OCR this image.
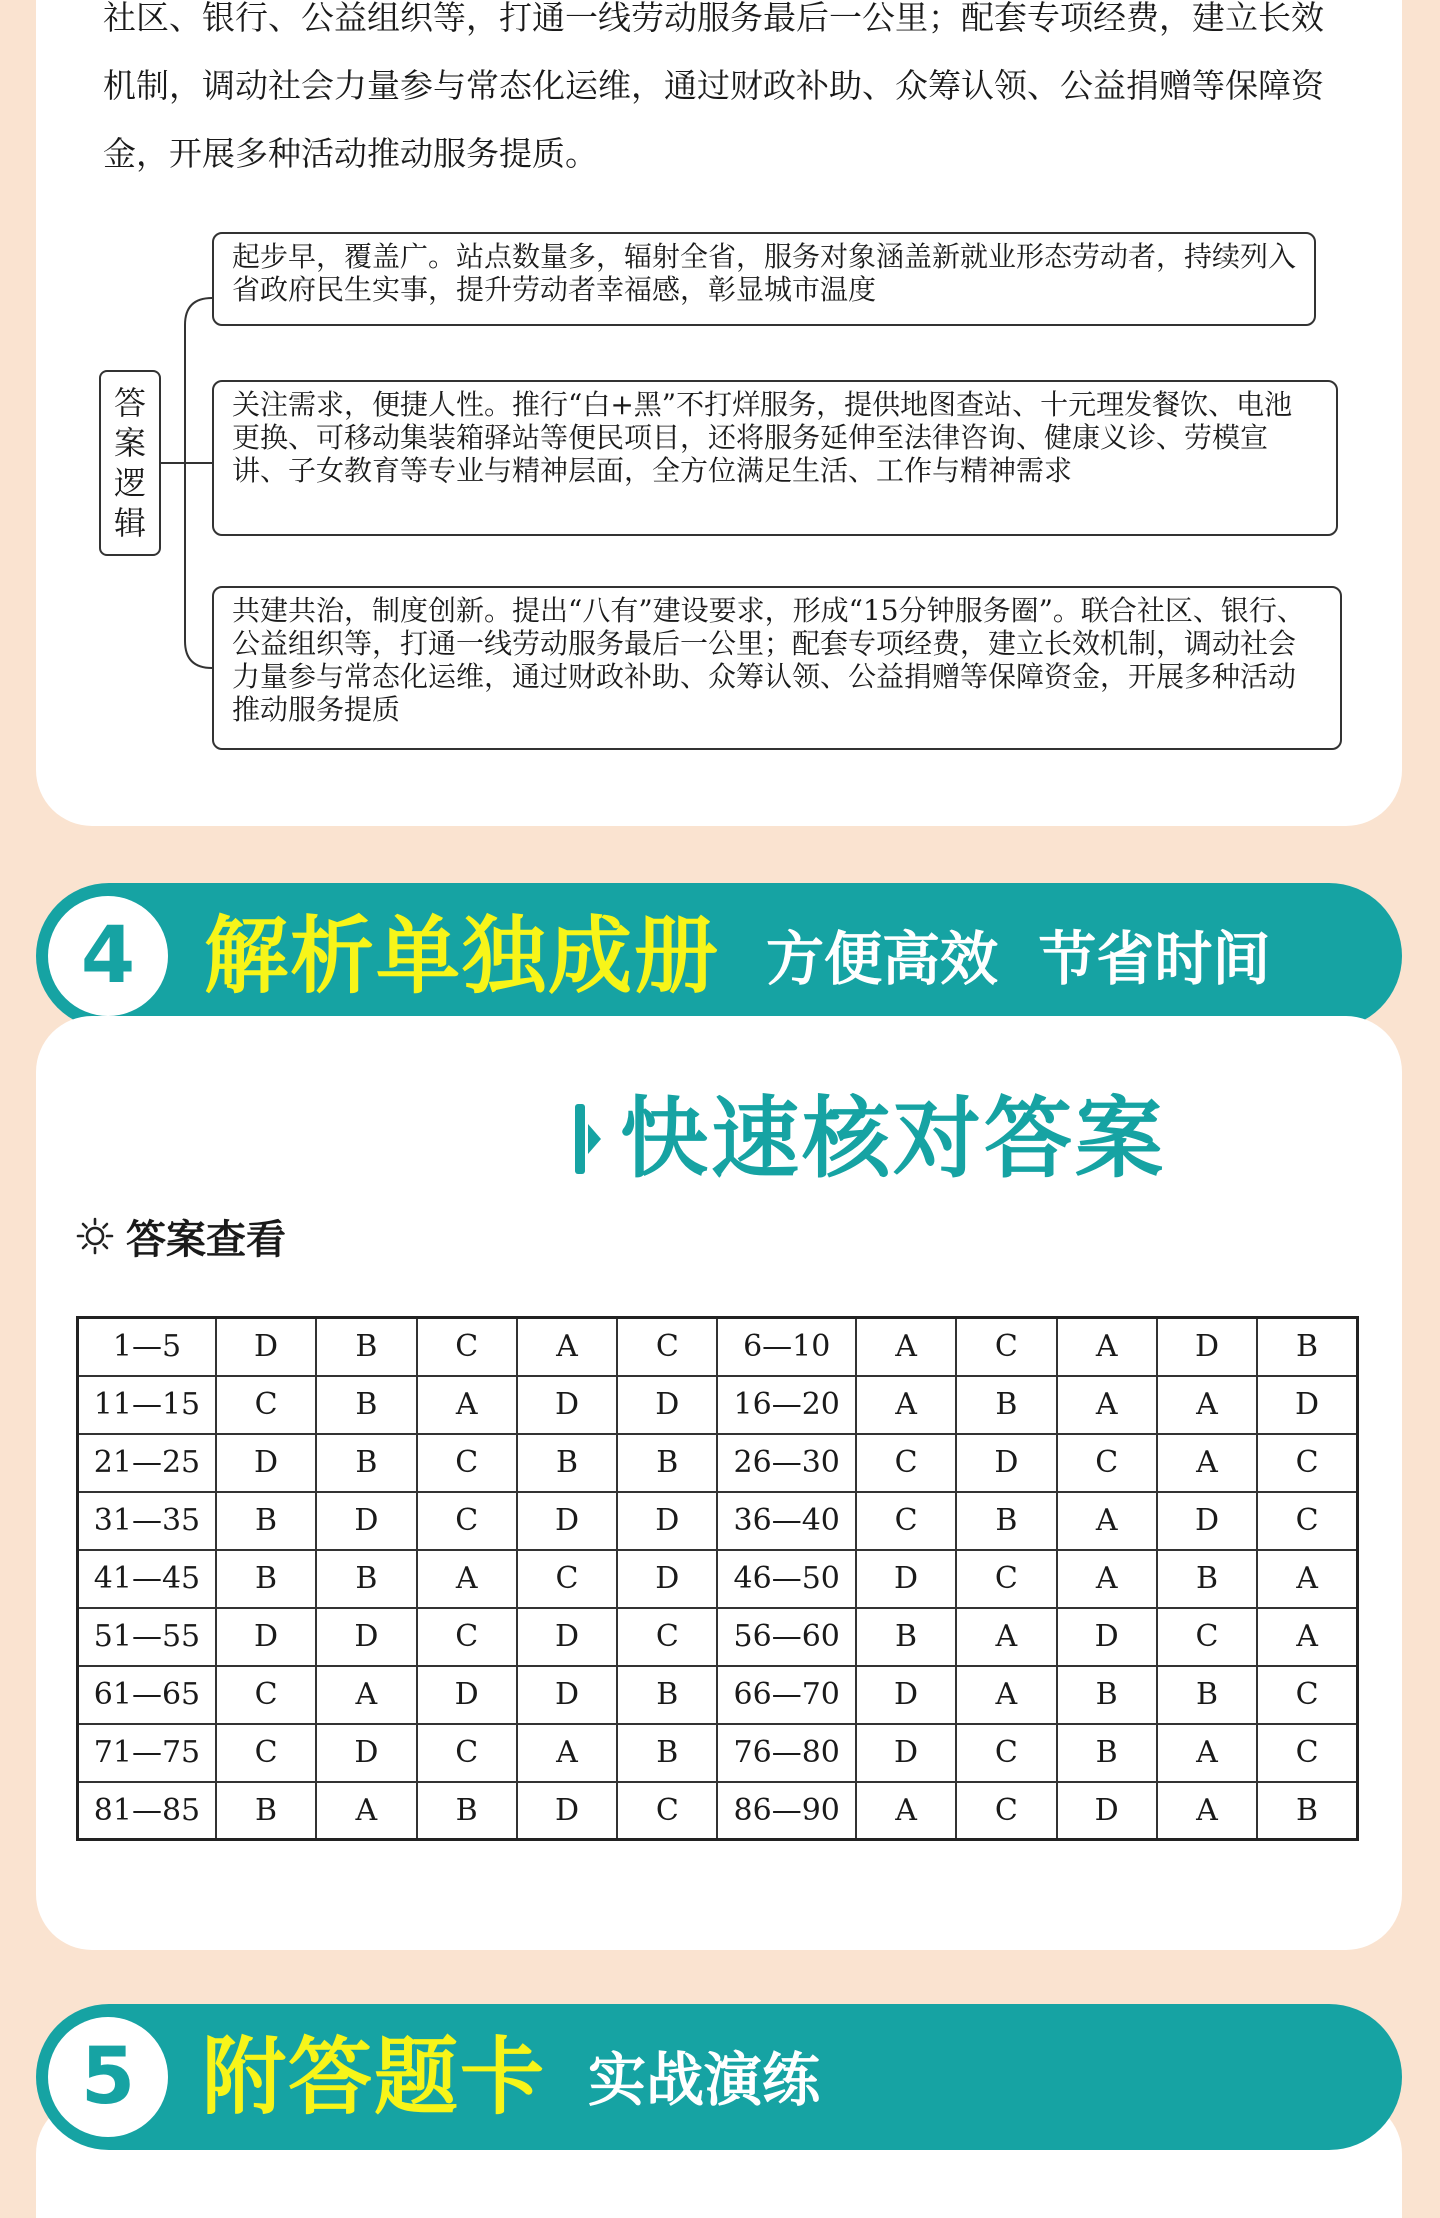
社区、银行、公益组织等，打通一线劳动服务最后一公里；配套专项经费，建立长效
机制，调动社会力量参与常态化运维，通过财政补助、众筹认领、公益捐赠等保障资
金，开展多种活动推动服务提质。
答案逻辑
起步早，覆盖广。站点数量多，辐射全省，服务对象涵盖新就业形态劳动者，持续列入省政府民生实事，提升劳动者幸福感，彰显城市温度
关注需求，便捷人性。推行“白+黑”不打烊服务，提供地图查站、十元理发餐饮、电池更换、可移动集装箱驿站等便民项目，还将服务延伸至法律咨询、健康义诊、劳模宣讲、子女教育等专业与精神层面，全方位满足生活、工作与精神需求
共建共治，制度创新。提出“八有”建设要求，形成“15分钟服务圈”。联合社区、银行、公益组织等，打通一线劳动服务最后一公里；配套专项经费，建立长效机制，调动社会力量参与常态化运维，通过财政补助、众筹认领、公益捐赠等保障资金，开展多种活动推动服务提质
4 解析单独成册 方便高效  节省时间
快速核对答案
答案查看
1—5	D	B	C	A	C	6—10	A	C	A	D	B
11—15	C	B	A	D	D	16—20	A	B	A	A	D
21—25	D	B	C	B	B	26—30	C	D	C	A	C
31—35	B	D	C	D	D	36—40	C	B	A	D	C
41—45	B	B	A	C	D	46—50	D	C	A	B	A
51—55	D	D	C	D	C	56—60	B	A	D	C	A
61—65	C	A	D	D	B	66—70	D	A	B	B	C
71—75	C	D	C	A	B	76—80	D	C	B	A	C
81—85	B	A	B	D	C	86—90	A	C	D	A	B
5 附答题卡 实战演练
